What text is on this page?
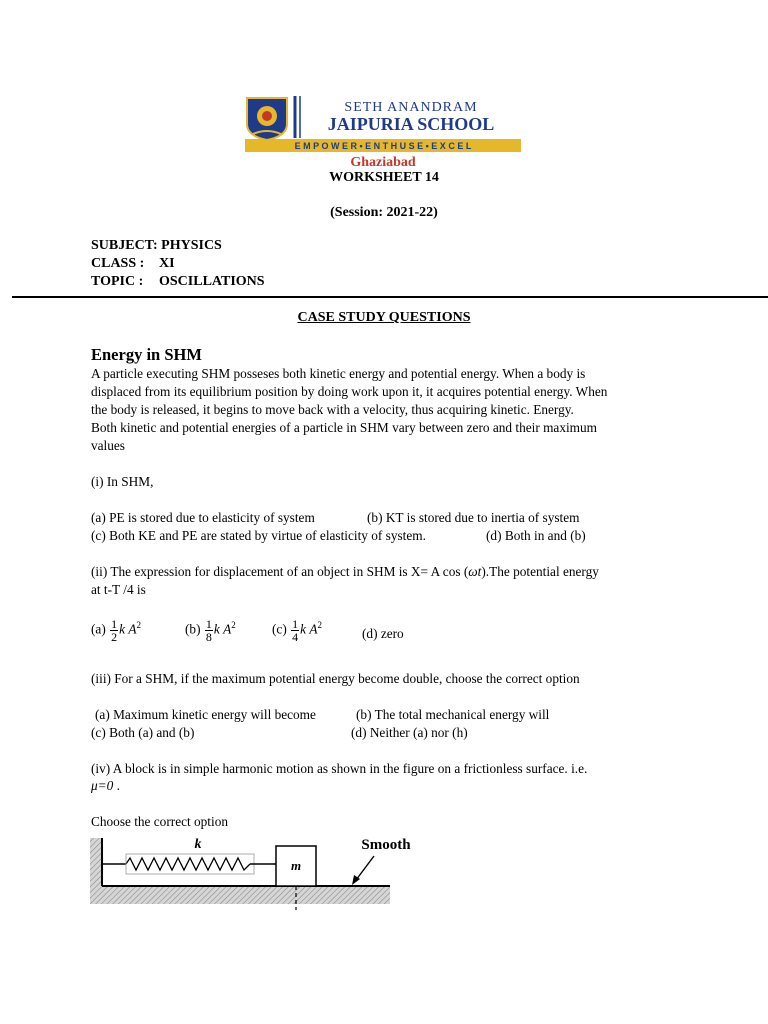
SETH ANANDRAM
JAIPURIA SCHOOL
E M P O W E R • E N T H U S E • E X C E L
Ghaziabad
WORKSHEET 14
(Session: 2021-22)
SUBJECT: PHYSICS
CLASS : XI
TOPIC : OSCILLATIONS
CASE STUDY QUESTIONS
Energy in SHM
A particle executing SHM posseses both kinetic energy and potential energy. When a body is
displaced from its equilibrium position by doing work upon it, it acquires potential energy. When
the body is released, it begins to move back with a velocity, thus acquiring kinetic. Energy.
Both kinetic and potential energies of a particle in SHM vary between zero and their maximum
values
(i) In SHM,
(a) PE is stored due to elasticity of system	(b) KT is stored due to inertia of system
(c) Both KE and PE are stated by virtue of elasticity of system.	(d) Both in and (b)
(ii) The expression for displacement of an object in SHM is X= A cos (ωt).The potential energy
at t-T /4 is
$(a) \frac{1}{2}$ k $A^2$	$(b) \frac{1}{8}$ k $A^2$	$(c) \frac{1}{4}$ k $A^2$
(d) zero
(iii) For a SHM, if the maximum potential energy become double, choose the correct option
(a) Maximum kinetic energy will become	(b) The total mechanical energy will
(c) Both (a) and (b)	(d) Neither (a) nor (h)
(iv) A block is in simple harmonic motion as shown in the figure on a frictionless surface. i.e.
μ=0 .
Choose the correct option
k
m
Smooth
